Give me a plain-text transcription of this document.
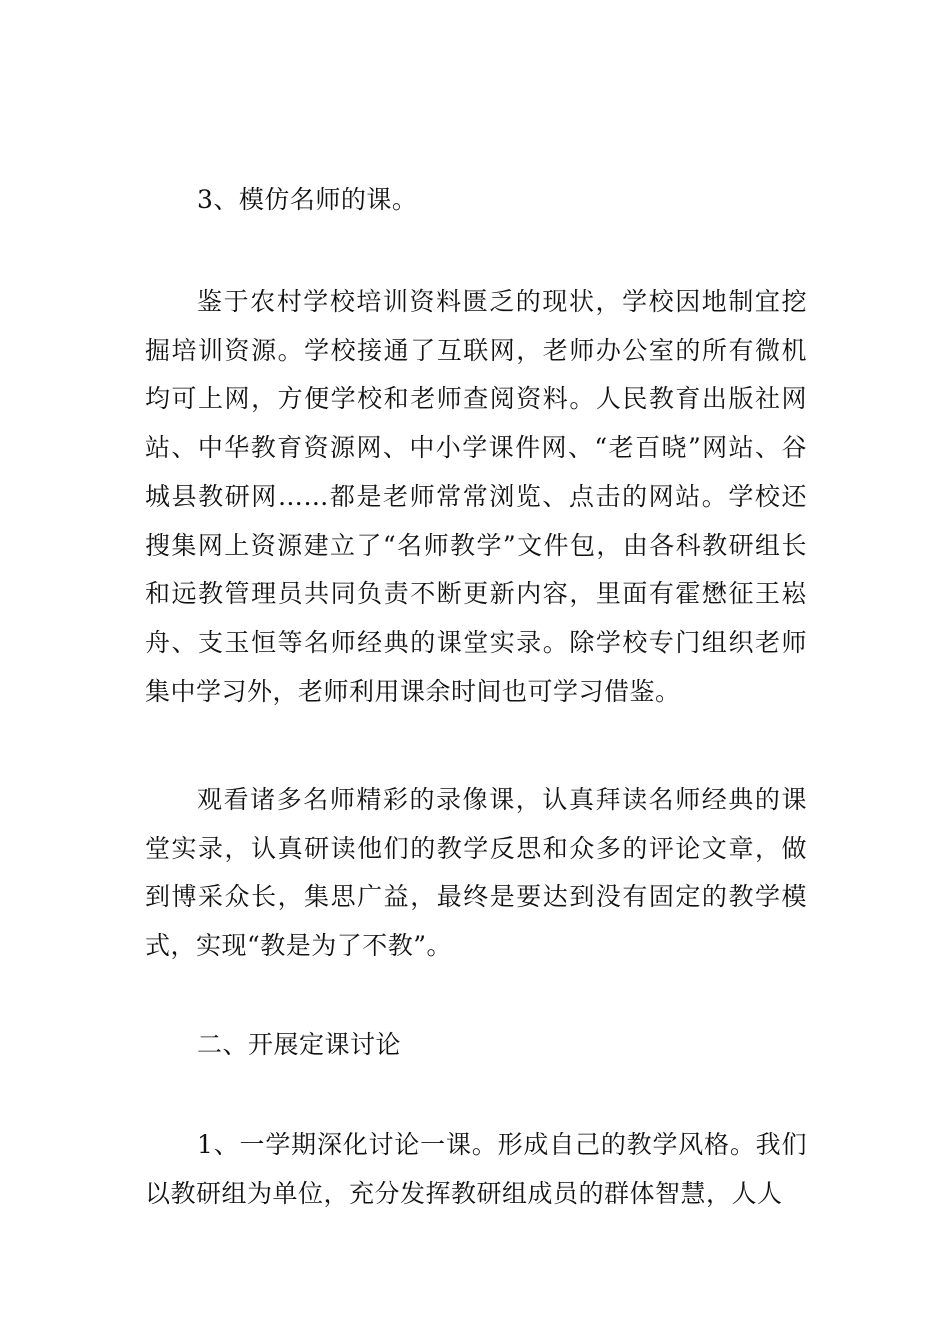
3、模仿名师的课。

鉴于农村学校培训资料匮乏的现状，学校因地制宜挖掘培训资源。学校接通了互联网，老师办公室的所有微机均可上网，方便学校和老师查阅资料。人民教育出版社网站、中华教育资源网、中小学课件网、“老百晓”网站、谷城县教研网……都是老师常常浏览、点击的网站。学校还搜集网上资源建立了“名师教学”文件包，由各科教研组长和远教管理员共同负责不断更新内容，里面有霍懋征王崧舟、支玉恒等名师经典的课堂实录。除学校专门组织老师集中学习外，老师利用课余时间也可学习借鉴。

观看诸多名师精彩的录像课，认真拜读名师经典的课堂实录，认真研读他们的教学反思和众多的评论文章，做到博采众长，集思广益，最终是要达到没有固定的教学模式，实现“教是为了不教”。

二、开展定课讨论

1、一学期深化讨论一课。形成自己的教学风格。我们以教研组为单位，充分发挥教研组成员的群体智慧，人人
